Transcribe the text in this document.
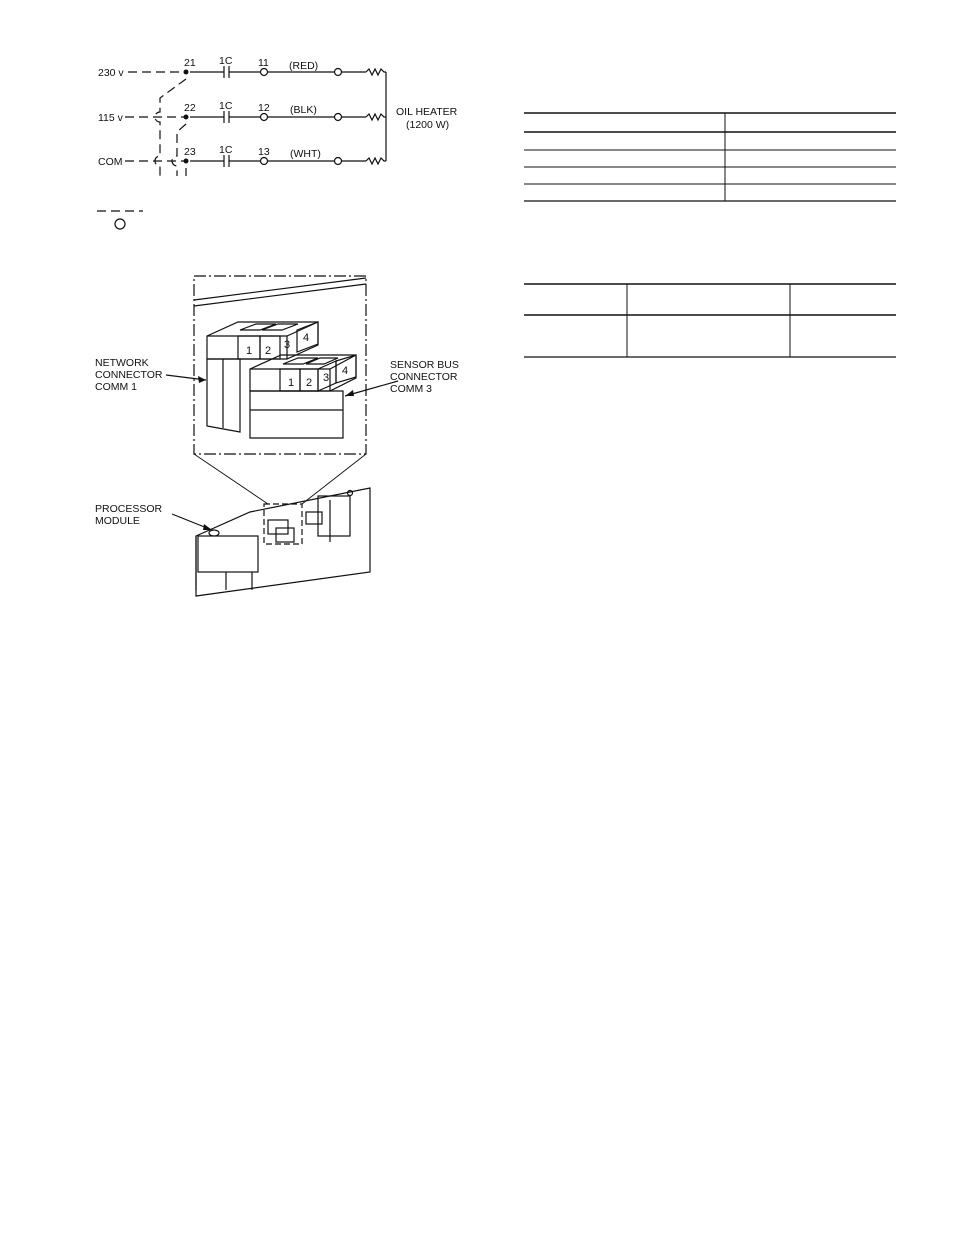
230 v
115 v
COM
21
22
23
1C
1C
1C
11
12
13
(RED)
(BLK)
(WHT)
OIL HEATER
(1200 W)
1 2 3
4
1 2 3
4
NETWORK
CONNECTOR
COMM 1
SENSOR BUS
CONNECTOR
COMM 3
PROCESSOR
MODULE
